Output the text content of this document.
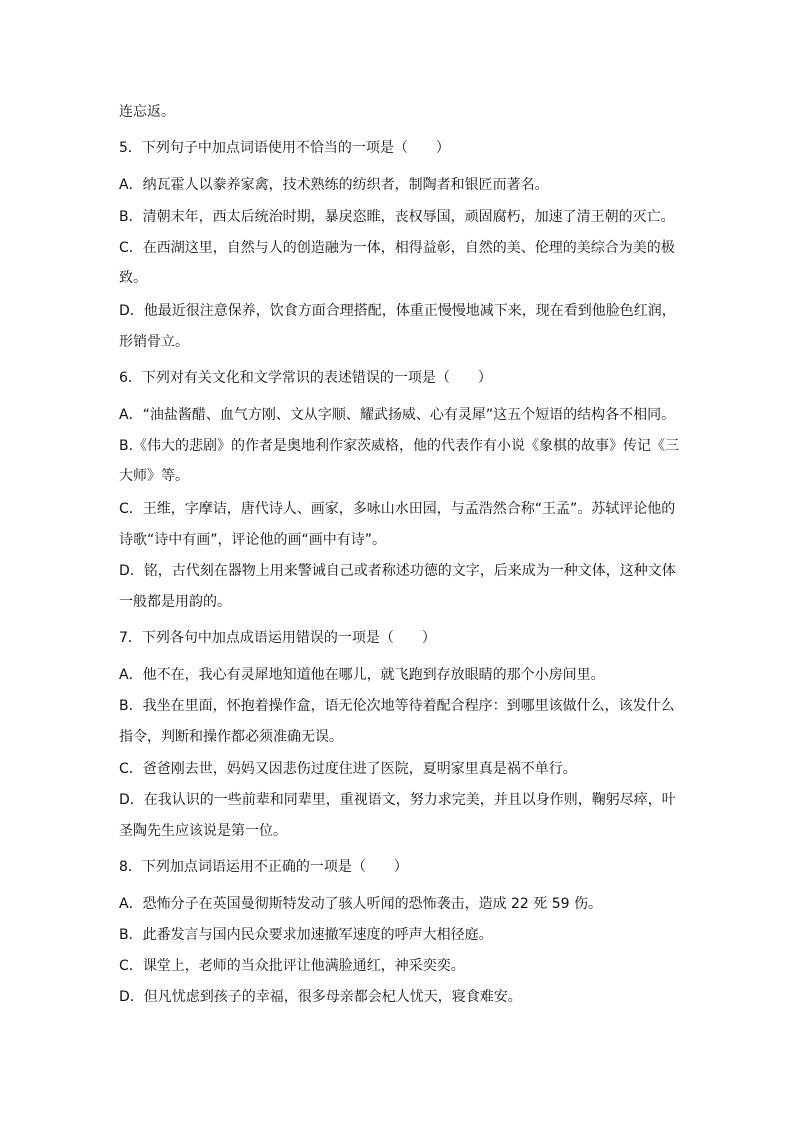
连忘返。
5．下列句子中加点词语使用不恰当的一项是（　　）
A．纳瓦霍人以豢养家禽，技术熟练的纺织者，制陶者和银匠而著名。
B．清朝末年，西太后统治时期，暴戾恣睢，丧权辱国，顽固腐朽，加速了清王朝的灭亡。
C．在西湖这里，自然与人的创造融为一体，相得益彰，自然的美、伦理的美综合为美的极
致。
D．他最近很注意保养，饮食方面合理搭配，体重正慢慢地减下来，现在看到他脸色红润，
形销骨立。
6．下列对有关文化和文学常识的表述错误的一项是（　　）
A．“油盐酱醋、血气方刚、文从字顺、耀武扬威、心有灵犀”这五个短语的结构各不相同。
B.《伟大的悲剧》的作者是奥地利作家茨威格，他的代表作有小说《象棋的故事》传记《三
大师》等。
C．王维，字摩诘，唐代诗人、画家，多咏山水田园，与孟浩然合称“王孟”。苏轼评论他的
诗歌“诗中有画”，评论他的画“画中有诗”。
D．铭，古代刻在器物上用来警诫自己或者称述功德的文字，后来成为一种文体，这种文体
一般都是用韵的。
7．下列各句中加点成语运用错误的一项是（　　）
A．他不在，我心有灵犀地知道他在哪儿，就飞跑到存放眼睛的那个小房间里。
B．我坐在里面，怀抱着操作盒，语无伦次地等待着配合程序：到哪里该做什么，该发什么
指令，判断和操作都必须准确无误。
C．爸爸刚去世，妈妈又因悲伤过度住进了医院，夏明家里真是祸不单行。
D．在我认识的一些前辈和同辈里，重视语文，努力求完美，并且以身作则，鞠躬尽瘁，叶
圣陶先生应该说是第一位。
8．下列加点词语运用不正确的一项是（　　）
A．恐怖分子在英国曼彻斯特发动了骇人听闻的恐怖袭击，造成 22 死 59 伤。
B．此番发言与国内民众要求加速撤军速度的呼声大相径庭。
C．课堂上，老师的当众批评让他满脸通红，神采奕奕。
D．但凡忧虑到孩子的幸福，很多母亲都会杞人忧天，寝食难安。
